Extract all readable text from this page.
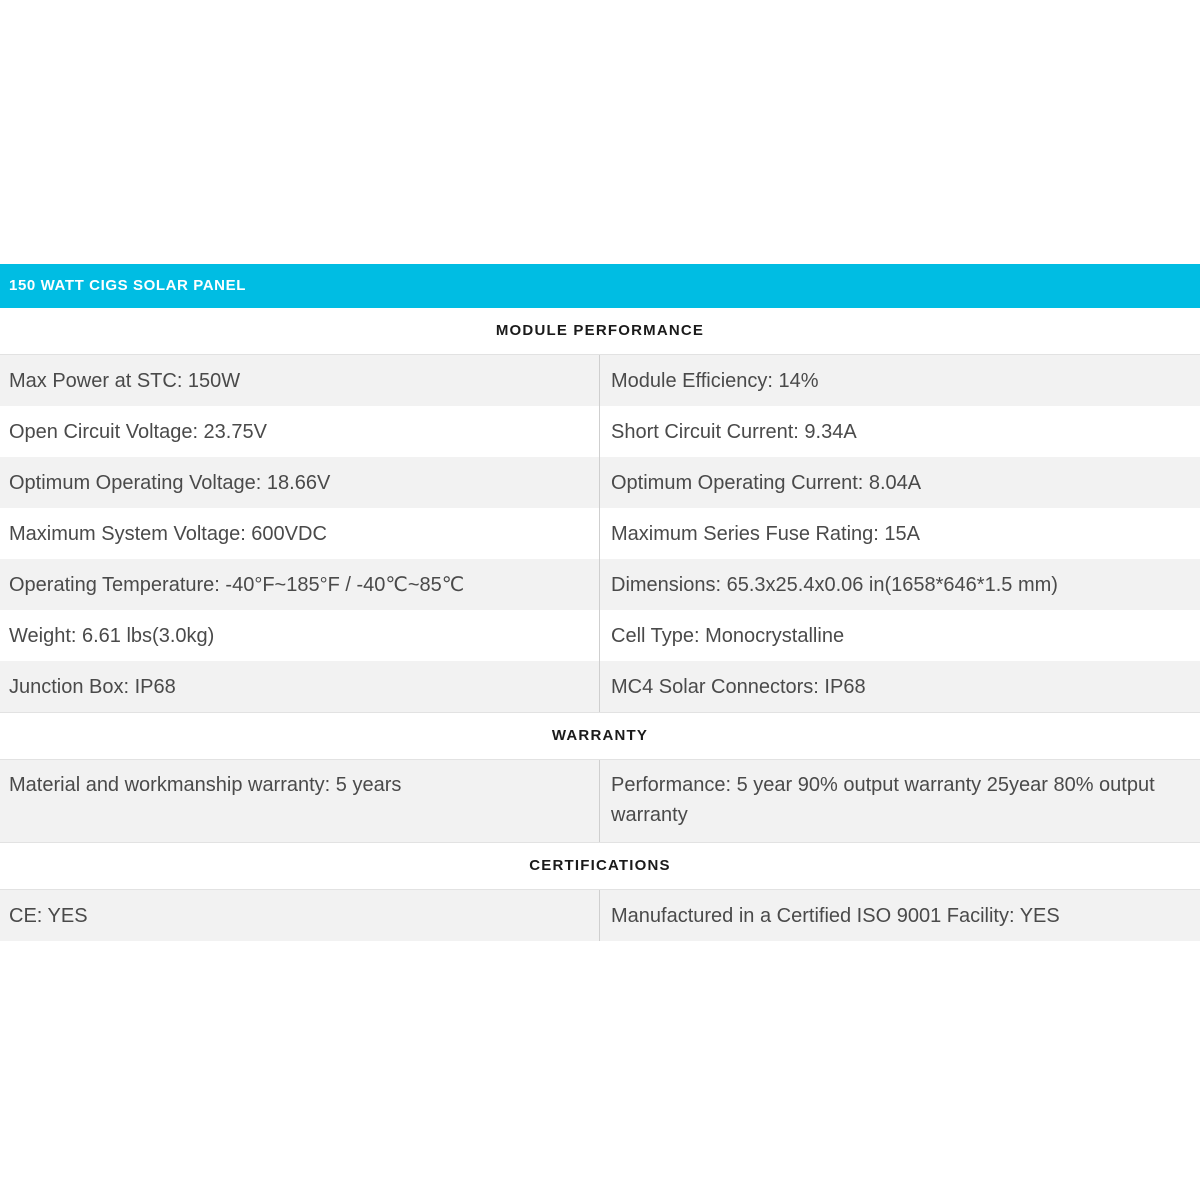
150 WATT CIGS SOLAR PANEL
MODULE PERFORMANCE
Max Power at STC: 150W	Module Efficiency: 14%
Open Circuit Voltage: 23.75V	Short Circuit Current: 9.34A
Optimum Operating Voltage: 18.66V	Optimum Operating Current: 8.04A
Maximum System Voltage: 600VDC	Maximum Series Fuse Rating: 15A
Operating Temperature: -40°F~185°F / -40℃~85℃	Dimensions: 65.3x25.4x0.06 in(1658*646*1.5 mm)
Weight: 6.61 lbs(3.0kg)	Cell Type: Monocrystalline
Junction Box: IP68	MC4 Solar Connectors: IP68
WARRANTY
Material and workmanship warranty: 5 years	Performance: 5 year 90% output warranty 25year 80% output warranty
CERTIFICATIONS
CE: YES	Manufactured in a Certified ISO 9001 Facility: YES
